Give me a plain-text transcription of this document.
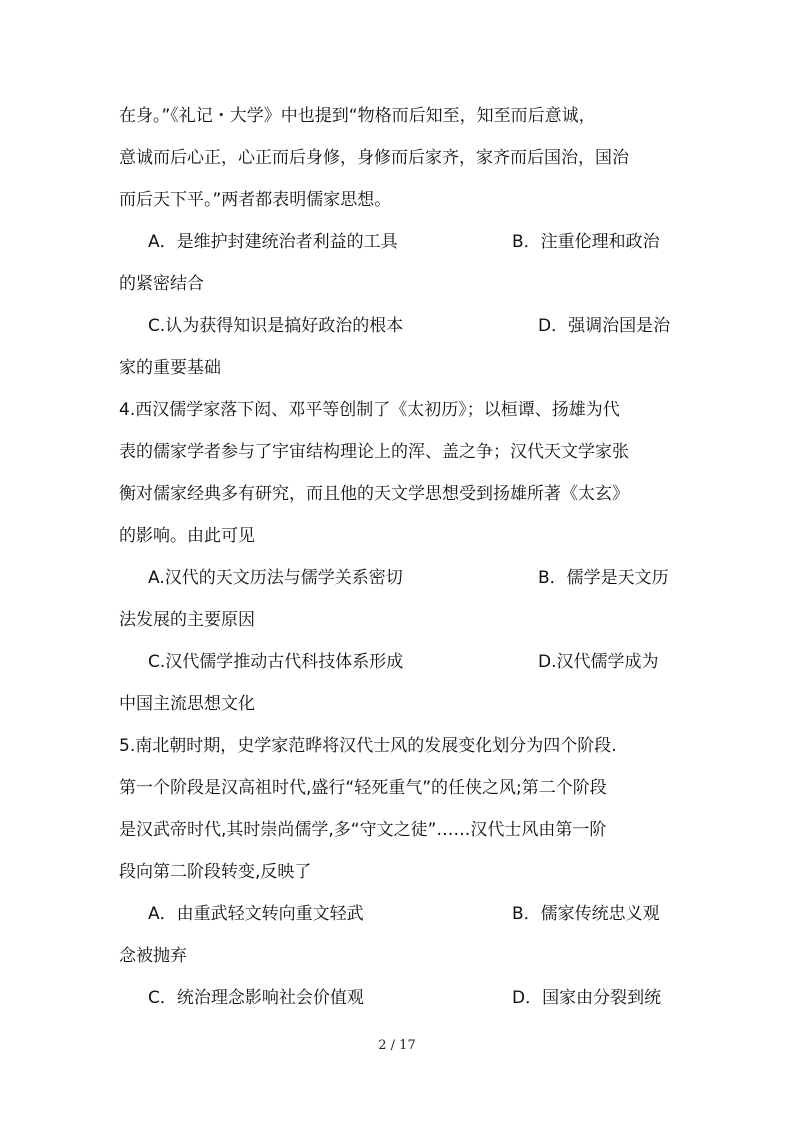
在身。”《礼记・大学》中也提到“物格而后知至，知至而后意诚，
意诚而后心正，心正而后身修，身修而后家齐，家齐而后国治，国治
而后天下平。”两者都表明儒家思想。
A．是维护封建统治者利益的工具	B．注重伦理和政治
的紧密结合
C.认为获得知识是搞好政治的根本	D．强调治国是治
家的重要基础
4.西汉儒学家落下闳、邓平等创制了《太初历》；以桓谭、扬雄为代
表的儒家学者参与了宇宙结构理论上的浑、盖之争；汉代天文学家张
衡对儒家经典多有研究，而且他的天文学思想受到扬雄所著《太玄》
的影响。由此可见
A.汉代的天文历法与儒学关系密切	B．儒学是天文历
法发展的主要原因
C.汉代儒学推动古代科技体系形成	D.汉代儒学成为
中国主流思想文化
5.南北朝时期，史学家范晔将汉代士风的发展变化划分为四个阶段.
第一个阶段是汉高祖时代,盛行“轻死重气”的任侠之风;第二个阶段
是汉武帝时代,其时崇尚儒学,多“守文之徒”……汉代士风由第一阶
段向第二阶段转变,反映了
A．由重武轻文转向重文轻武	B．儒家传统忠义观
念被抛弃
C．统治理念影响社会价值观	D．国家由分裂到统
2 / 17
